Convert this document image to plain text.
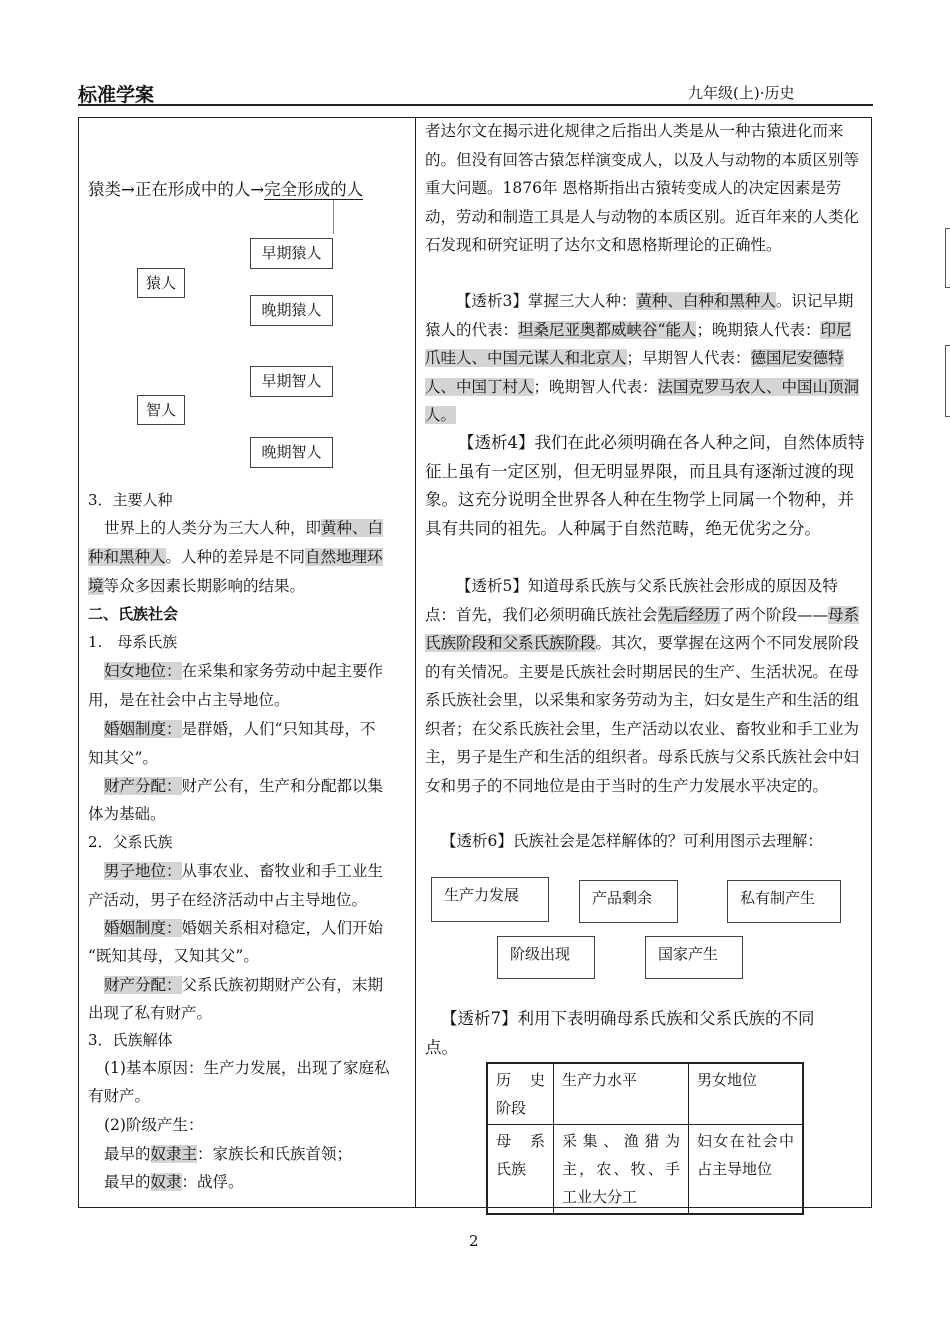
标准学案	九年级(上)·历史
猿类→正在形成中的人→完全形成的人
猿人
早期猿人
晚期猿人
智人
早期智人
晚期智人
3．主要人种
世界上的人类分为三大人种，即黄种、白
种和黑种人。人种的差异是不同自然地理环
境等众多因素长期影响的结果。
二、氏族社会
1.　母系氏族
妇女地位：在采集和家务劳动中起主要作
用，是在社会中占主导地位。
婚姻制度：是群婚，人们“只知其母，不
知其父”。
财产分配：财产公有，生产和分配都以集
体为基础。
2．父系氏族
男子地位：从事农业、畜牧业和手工业生
产活动，男子在经济活动中占主导地位。
婚姻制度：婚姻关系相对稳定，人们开始
“既知其母，又知其父”。
财产分配：父系氏族初期财产公有，末期
出现了私有财产。
3．氏族解体
(1)基本原因：生产力发展，出现了家庭私
有财产。
(2)阶级产生：
最早的奴隶主：家族长和氏族首领；
最早的奴隶：战俘。
者达尔文在揭示进化规律之后指出人类是从一种古猿进化而来的。但没有回答古猿怎样演变成人，以及人与动物的本质区别等重大问题。1876年 恩格斯指出古猿转变成人的决定因素是劳动，劳动和制造工具是人与动物的本质区别。近百年来的人类化石发现和研究证明了达尔文和恩格斯理论的正确性。
【透析3】掌握三大人种：黄种、白种和黑种人。识记早期猿人的代表：坦桑尼亚奥都威峡谷“能人；晚期猿人代表：印尼爪哇人、中国元谋人和北京人；早期智人代表：德国尼安德特人、中国丁村人；晚期智人代表：法国克罗马农人、中国山顶洞人。
【透析4】我们在此必须明确在各人种之间，自然体质特征上虽有一定区别，但无明显界限，而且具有逐渐过渡的现象。这充分说明全世界各人种在生物学上同属一个物种，并具有共同的祖先。人种属于自然范畴，绝无优劣之分。
【透析5】知道母系氏族与父系氏族社会形成的原因及特点：首先，我们必须明确氏族社会先后经历了两个阶段——母系氏族阶段和父系氏族阶段。其次，要掌握在这两个不同发展阶段的有关情况。主要是氏族社会时期居民的生产、生活状况。在母系氏族社会里，以采集和家务劳动为主，妇女是生产和生活的组织者；在父系氏族社会里，生产活动以农业、畜牧业和手工业为主，男子是生产和生活的组织者。母系氏族与父系氏族社会中妇女和男子的不同地位是由于当时的生产力发展水平决定的。
【透析6】氏族社会是怎样解体的？可利用图示去理解：
生产力发展	产品剩余	私有制产生
阶级出现	国家产生
【透析7】利用下表明确母系氏族和父系氏族的不同
点。
历　史阶段	生产力水平	男女地位
母　系氏族	采集、渔猎为主，农、牧、手工业大分工	妇女在社会中占主导地位
2
